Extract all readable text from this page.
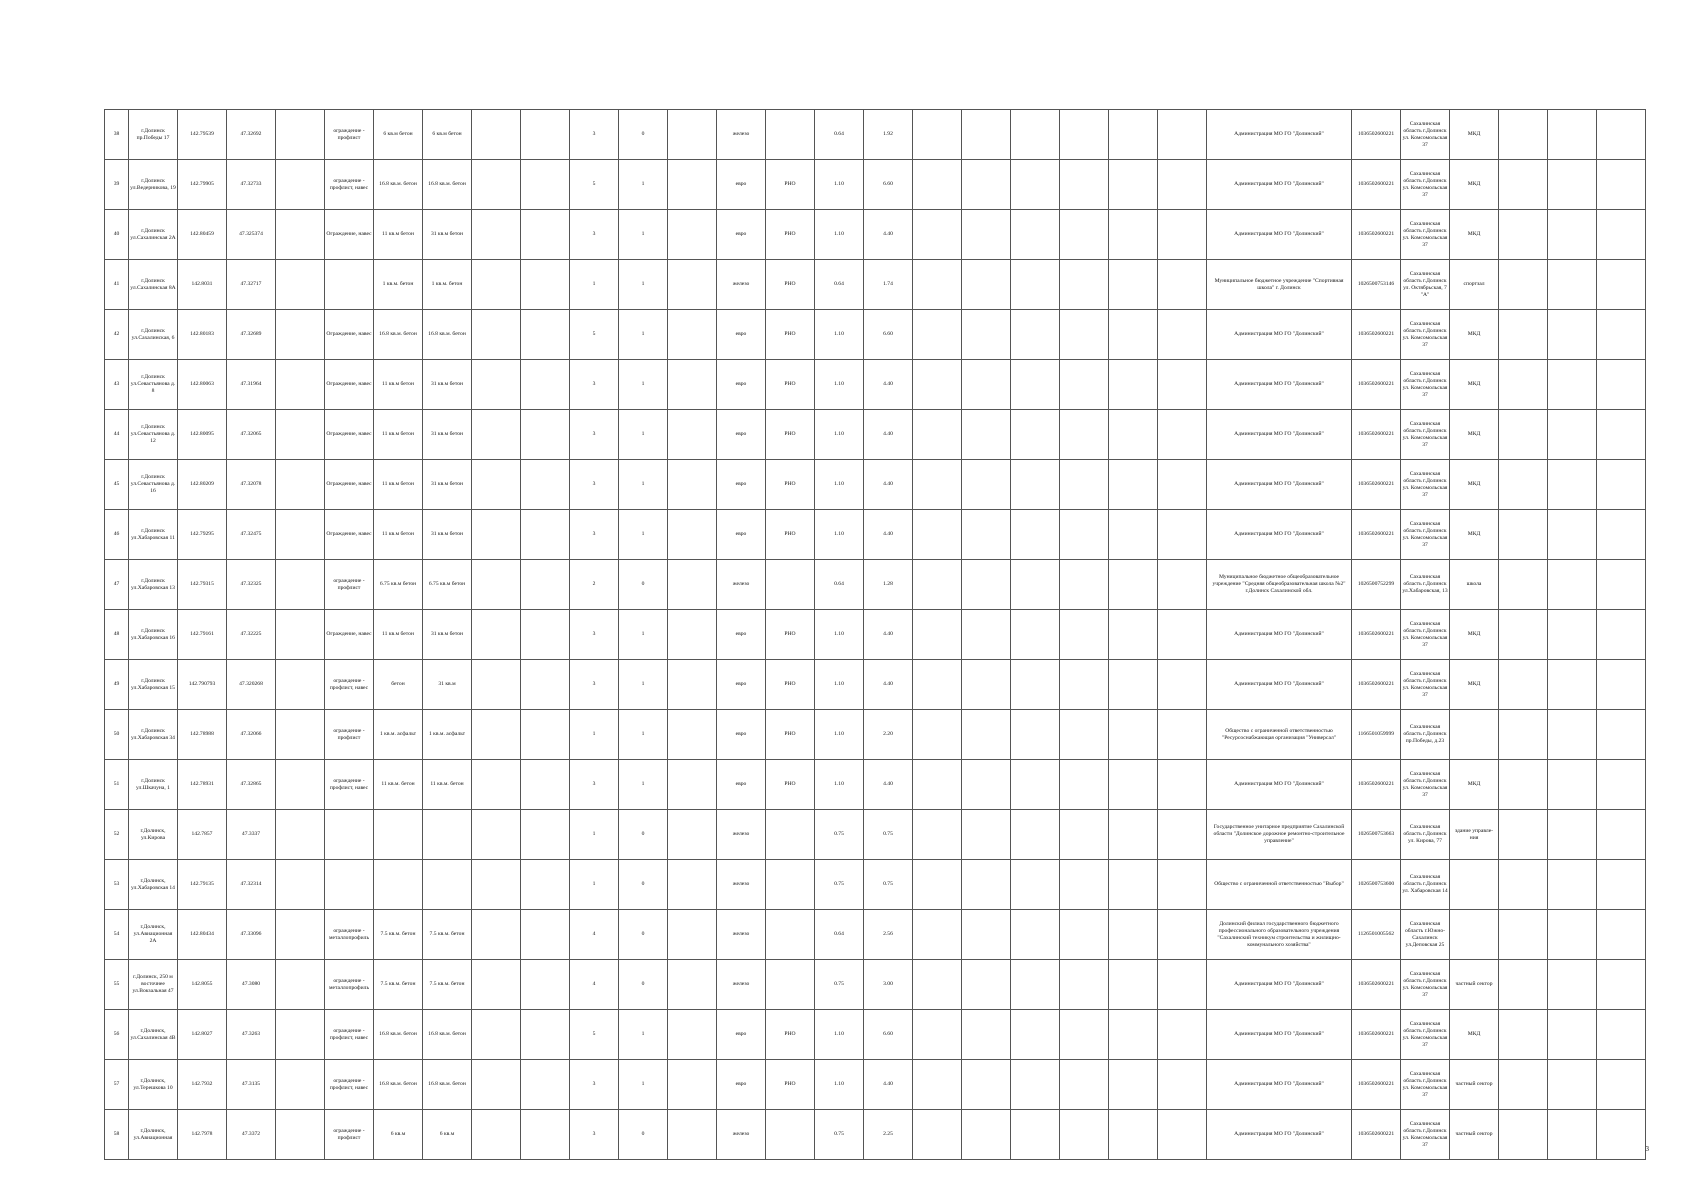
38	г.Долинск пр.Победы 17	142.79539	47.32692		ограждение - профлист	6 кв.м бетон	6 кв.м бетон			3	0		железо		0.64	1.92							Администрация МО ГО "Долинский"	1036502600221	Сахалинская область г.Долинск ул. Комсомольская 37	МКД			
39	г.Долинск ул.Ведерникова, 19	142.79905	47.32733		ограждение - профлист, навес	16.8 кв.м. бетон	16.8 кв.м. бетон			5	1		евро	РНО	1.10	6.60							Администрация МО ГО "Долинский"	1036502600221	Сахалинская область г.Долинск ул. Комсомольская 37	МКД			
40	г.Долинск ул.Сахалинская 2А	142.80459	47.325374		Ограждение, навес	11 кв.м бетон	31 кв.м бетон			3	1		евро	РНО	1.10	4.40							Администрация МО ГО "Долинский"	1036502600221	Сахалинская область г.Долинск ул. Комсомольская 37	МКД			
41	г.Долинск ул.Сахалинская 8А	142.8031	47.32717			1 кв.м. бетон	1 кв.м. бетон			1	1		железо	РНО	0.64	1.74							Муниципальное бюджетное учреждение "Спортивная школа" г. Долинск	1026500753146	Сахалинская область г.Долинск ул. Октябрьская, 7 "А"	спортзал			
42	г.Долинск ул.Сахалинская, 6	142.80183	47.32689		Ограждение, навес	16.8 кв.м. бетон	16.8 кв.м. бетон			5	1		евро	РНО	1.10	6.60							Администрация МО ГО "Долинский"	1036502600221	Сахалинская область г.Долинск ул. Комсомольская 37	МКД			
43	г.Долинск ул.Севастьянова д. 8	142.80063	47.31964		Ограждение, навес	11 кв.м бетон	31 кв.м бетон			3	1		евро	РНО	1.10	4.40							Администрация МО ГО "Долинский"	1036502600221	Сахалинская область г.Долинск ул. Комсомольская 37	МКД			
44	г.Долинск ул.Севастьянова д. 12	142.80095	47.32065		Ограждение, навес	11 кв.м бетон	31 кв.м бетон			3	1		евро	РНО	1.10	4.40							Администрация МО ГО "Долинский"	1036502600221	Сахалинская область г.Долинск ул. Комсомольская 37	МКД			
45	г.Долинск ул.Севастьянова д. 16	142.80209	47.32078		Ограждение, навес	11 кв.м бетон	31 кв.м бетон			3	1		евро	РНО	1.10	4.40							Администрация МО ГО "Долинский"	1036502600221	Сахалинская область г.Долинск ул. Комсомольская 37	МКД			
46	г.Долинск ул.Хабаровская 11	142.79295	47.32475		Ограждение, навес	11 кв.м бетон	31 кв.м бетон			3	1		евро	РНО	1.10	4.40							Администрация МО ГО "Долинский"	1036502600221	Сахалинская область г.Долинск ул. Комсомольская 37	МКД			
47	г.Долинск ул.Хабаровская 13	142.79315	47.32325		ограждение - профлист	6.75 кв.м бетон	6.75 кв.м бетон			2	0		железо		0.64	1.28							Муниципальное бюджетное общеобразовательное учреждение "Средняя общеобразовательная школа №2" г.Долинск Сахалинской обл.	1026500752299	Сахалинская область г.Долинск ул.Хабаровская, 13	школа			
48	г.Долинск ул.Хабаровская 16	142.79161	47.32225		Ограждение, навес	11 кв.м бетон	31 кв.м бетон			3	1		евро	РНО	1.10	4.40							Администрация МО ГО "Долинский"	1036502600221	Сахалинская область г.Долинск ул. Комсомольская 37	МКД			
49	г.Долинск ул.Хабаровская 15	142.790793	47.320268		ограждение - профлист, навес	бетон	31 кв.м			3	1		евро	РНО	1.10	4.40							Администрация МО ГО "Долинский"	1036502600221	Сахалинская область г.Долинск ул. Комсомольская 37	МКД			
50	г.Долинск ул.Хабаровская 34	142.78988	47.32066		ограждение - профлист	1 кв.м. асфальт	1 кв.м. асфальт			1	1		евро	РНО	1.10	2.20							Общество с ограниченной ответственностью "Ресурсоснабжающая организация "Универсал"	1166501059999	Сахалинская область г.Долинск пр.Победы, д.23				
51	г.Долинск ул.Шкачуна, 1	142.78931	47.32865		ограждение - профлист, навес	11 кв.м. бетон	11 кв.м. бетон			3	1		евро	РНО	1.10	4.40							Администрация МО ГО "Долинский"	1036502600221	Сахалинская область г.Долинск ул. Комсомольская 37	МКД			
52	г.Долинск, ул.Кирова	142.7857	47.3337							1	0		железо		0.75	0.75							Государственное унитарное предприятие Сахалинской области "Долинское дорожное ремонтно-строительное управление"	1026500753663	Сахалинская область г.Долинск ул. Кирова, 77	здание управле-ния			
53	г.Долинск, ул.Хабаровская 14	142.79135	47.32314							1	0		железо		0.75	0.75							Общество с ограниченной ответственностью "Выбор"	1026500753600	Сахалинская область г.Долинск ул. Хабаровская 14				
54	г.Долинск, ул.Авиационная 2А	142.80434	47.33096		ограждение - металлопрофиль	7.5 кв.м. бетон	7.5 кв.м. бетон			4	0		железо		0.64	2.56							Долинский филиал государственного бюджетного профессионального образовательного учреждения "Сахалинский техникум строительства и жилищно-коммунального хозяйства"	1126501005562	Сахалинская область г.Южно-Сахалинск ул.Деповская 25				
55	г.Долинск, 250 м восточнее ул.Вокзальная 47	142.8055	47.3080		ограждение - металлопрофиль	7.5 кв.м. бетон	7.5 кв.м. бетон			4	0		железо		0.75	3.00							Администрация МО ГО "Долинский"	1036502600221	Сахалинская область г.Долинск ул. Комсомольская 37	частный сектор			
56	г.Долинск, ул.Сахалинская 4В	142.8027	47.3263		ограждение - профлист, навес	16.8 кв.м. бетон	16.8 кв.м. бетон			5	1		евро	РНО	1.10	6.60							Администрация МО ГО "Долинский"	1036502600221	Сахалинская область г.Долинск ул. Комсомольская 37	МКД			
57	г.Долинск, ул.Терешкова 10	142.7932	47.3135		ограждение - профлист, навес	16.8 кв.м. бетон	16.8 кв.м. бетон			3	1		евро	РНО	1.10	4.40							Администрация МО ГО "Долинский"	1036502600221	Сахалинская область г.Долинск ул. Комсомольская 37	частный сектор			
58	г.Долинск, ул.Авиационная	142.7978	47.3372		ограждение - профлист	6 кв.м	6 кв.м			3	0		железо		0.75	2.25							Администрация МО ГО "Долинский"	1036502600221	Сахалинская область г.Долинск ул. Комсомольская 37	частный сектор			
3
